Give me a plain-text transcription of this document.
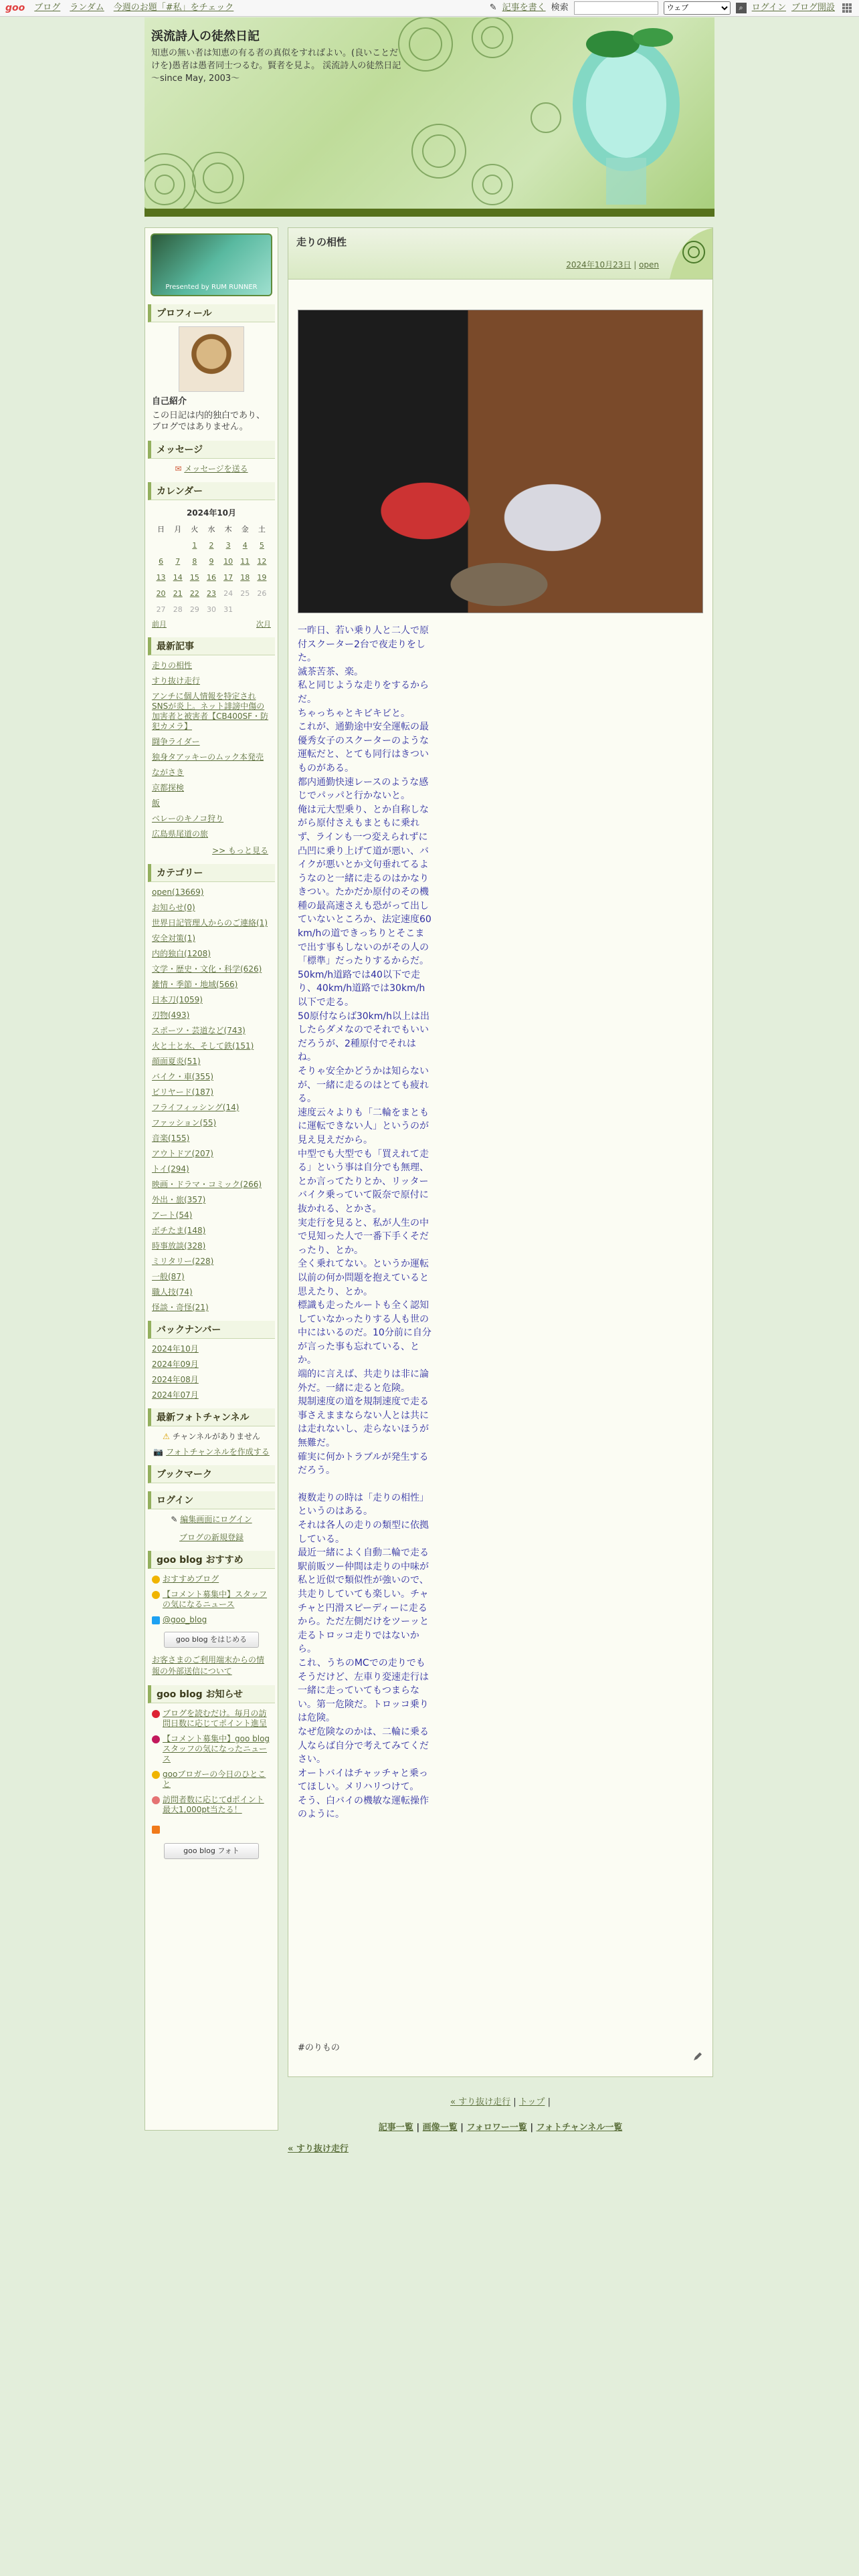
goo ブログ ランダム 今週のお題「#私」をチェック	✎ 記事を書く 検索
ウェブ	⌕ ログイン ブログ開設
渓流詩人の徒然日記
知恵の無い者は知恵の有る者の真似をすればよい。(良いことだけを)愚者は愚者同士つるむ。賢者を見よ。 渓流詩人の徒然日記 〜since May, 2003〜
Presented by RUM RUNNER
プロフィール
自己紹介
この日記は内的独白であり、ブログではありません。
メッセージ
✉ メッセージを送る
カレンダー
2024年10月
日	月	火	水	木	金	土
		1	2	3	4	5
6	7	8	9	10	11	12
13	14	15	16	17	18	19
20	21	22	23	24	25	26
27	28	29	30	31		
前月	次月
最新記事
走りの相性
すり抜け走行
アンチに個人情報を特定されSNSが炎上。ネット誹謗中傷の加害者と被害者【CB400SF・防犯カメラ】
闘争ライダー
独身タアッキーのムック本発売
ながさき
京都探検
飯
ベレーのキノコ狩り
広島県尾道の旅
>> もっと見る
カテゴリー
open(13669)
お知らせ(0)
世界日記管理人からのご連絡(1)
安全対策(1)
内的独白(1208)
文学・歴史・文化・科学(626)
雑情・季節・地域(566)
日本刀(1059)
刃物(493)
スポーツ・芸道など(743)
火と土と水、そして鉄(151)
顔面夏炎(51)
バイク・車(355)
ビリヤード(187)
フライフィッシング(14)
ファッション(55)
音楽(155)
アウトドア(207)
トイ(294)
映画・ドラマ・コミック(266)
外出・旅(357)
アート(54)
ボチたま(148)
時事放談(328)
ミリタリー(228)
一般(87)
職人技(74)
怪談・奇怪(21)
バックナンバー
2024年10月
2024年09月
2024年08月
2024年07月
最新フォトチャンネル
⚠ チャンネルがありません
📷 フォトチャンネルを作成する
ブックマーク
ログイン
✎ 編集画面にログイン
ブログの新規登録
goo blog おすすめ
おすすめブログ
【コメント募集中】スタッフの気になるニュース
@goo_blog
goo blog をはじめる
お客さまのご利用端末からの情報の外部送信について
goo blog お知らせ
ブログを読むだけ。毎月の訪問日数に応じてポイント進呈
【コメント募集中】goo blogスタッフの気になったニュース
gooブロガーの今日のひとこと
訪問者数に応じてdポイント最大1,000pt当たる！
goo blog フォト
走りの相性
2024年10月23日 | open
一昨日、若い乗り人と二人で原付スクーター2台で夜走りをした。
滅茶苦茶、楽。
私と同じような走りをするからだ。
ちゃっちゃとキビキビと。
これが、通勤途中安全運転の最優秀女子のスクーターのような運転だと、とても同行はきついものがある。
都内通勤快速レースのような感じでパッパと行かないと。
俺は元大型乗り、とか自称しながら原付さえもまともに乗れず、ラインも一つ変えられずに凸凹に乗り上げて道が悪い、バイクが悪いとか文句垂れてるようなのと一緒に走るのはかなりきつい。たかだか原付のその機種の最高速さえも恐がって出していないところか、法定速度60km/hの道できっちりとそこまで出す事もしないのがその人の「標準」だったりするからだ。
50km/h道路では40以下で走り、40km/h道路では30km/h以下で走る。
50原付ならば30km/h以上は出したらダメなのでそれでもいいだろうが、2種原付でそれはね。
そりゃ安全かどうかは知らないが、一緒に走るのはとても疲れる。
速度云々よりも「二輪をまともに運転できない人」というのが見え見えだから。
中型でも大型でも「買えれて走る」という事は自分でも無理、とか言ってたりとか、リッターバイク乗っていて阪奈で原付に抜かれる、とかさ。
実走行を見ると、私が人生の中で見知った人で一番下手くそだったり、とか。
全く乗れてない。というか運転以前の何か問題を抱えていると思えたり、とか。
標識も走ったルートも全く認知していなかったりする人も世の中にはいるのだ。10分前に自分が言った事も忘れている、とか。
端的に言えば、共走りは非に論外だ。一緒に走ると危険。
規制速度の道を規制速度で走る事さえままならない人とは共には走れないし、走らないほうが無難だ。
確実に何かトラブルが発生するだろう。
複数走りの時は「走りの相性」というのはある。
それは各人の走りの類型に依拠している。
最近一緒によく自動二輪で走る駅前販ツー仲間は走りの中味が私と近似で類似性が強いので、共走りしていても楽しい。チャチャと円滑スピーディーに走るから。ただ左側だけをツーッと走るトロッコ走りではないから。
これ、うちのMCでの走りでもそうだけど、左車り変速走行は一緒に走っていてもつまらない。第一危険だ。トロッコ乗りは危険。
なぜ危険なのかは、二輪に乗る人ならば自分で考えてみてください。
オートバイはチャッチャと乗ってほしい。メリハリつけて。
そう、白バイの機敏な運転操作のように。
#のりもの
« すり抜け走行 | トップ |
記事一覧 | 画像一覧 | フォロワー一覧 | フォトチャンネル一覧
« すり抜け走行
